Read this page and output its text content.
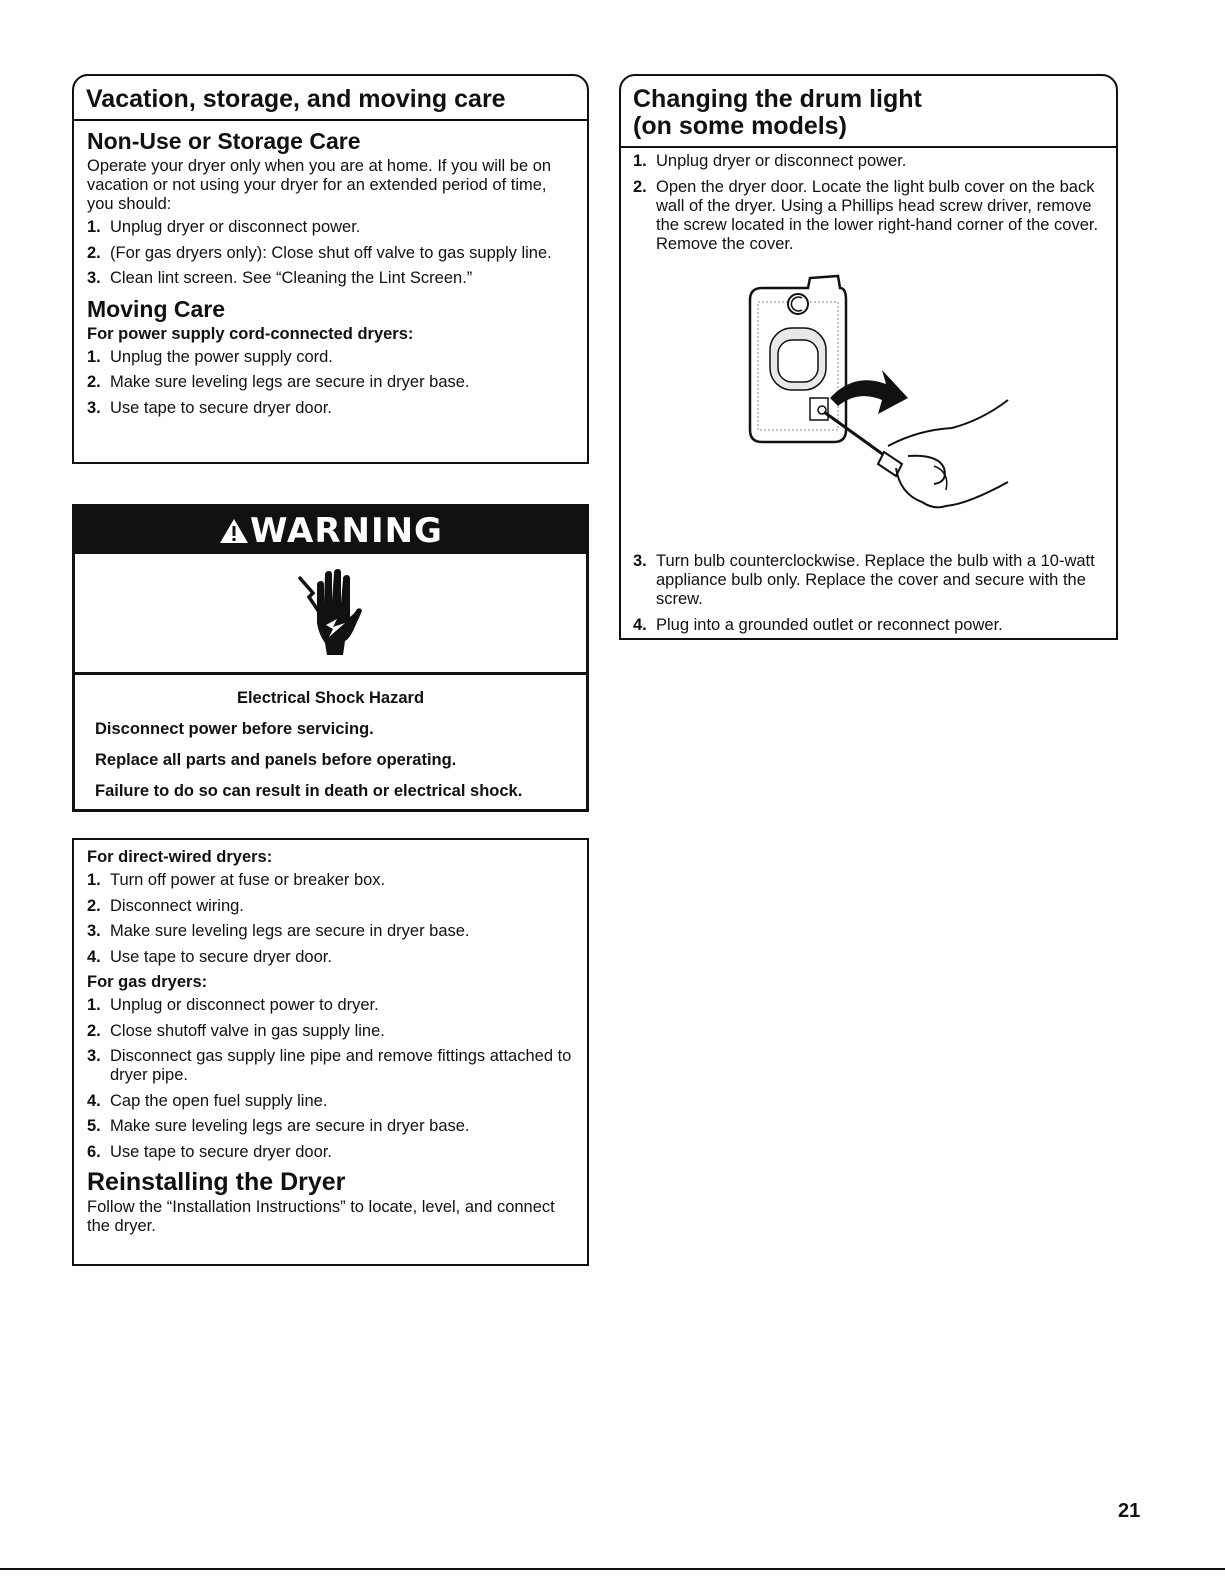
Vacation, storage, and moving care
Non-Use or Storage Care

Operate your dryer only when you are at home. If you will be on vacation or not using your dryer for an extended period of time, you should:

1. Unplug dryer or disconnect power.
2. (For gas dryers only): Close shut off valve to gas supply line.
3. Clean lint screen. See “Cleaning the Lint Screen.”
Moving Care

For power supply cord-connected dryers:

1. Unplug the power supply cord.
2. Make sure leveling legs are secure in dryer base.
3. Use tape to secure dryer door.
WARNING
Electrical Shock Hazard
Disconnect power before servicing.
Replace all parts and panels before operating.
Failure to do so can result in death or electrical shock.

For direct-wired dryers:

1. Turn off power at fuse or breaker box.
2. Disconnect wiring.
3. Make sure leveling legs are secure in dryer base.
4. Use tape to secure dryer door.

For gas dryers:

1. Unplug or disconnect power to dryer.
2. Close shutoff valve in gas supply line.
3. Disconnect gas supply line pipe and remove fittings attached to dryer pipe.
4. Cap the open fuel supply line.
5. Make sure leveling legs are secure in dryer base.
6. Use tape to secure dryer door.
Reinstalling the Dryer

Follow the “Installation Instructions” to locate, level, and connect the dryer.

Changing the drum light
(on some models)
1. Unplug dryer or disconnect power.
2. Open the dryer door. Locate the light bulb cover on the back wall of the dryer. Using a Phillips head screw driver, remove the screw located in the lower right-hand corner of the cover. Remove the cover.
3. Turn bulb counterclockwise. Replace the bulb with a 10-watt appliance bulb only. Replace the cover and secure with the screw.
4. Plug into a grounded outlet or reconnect power.
21
